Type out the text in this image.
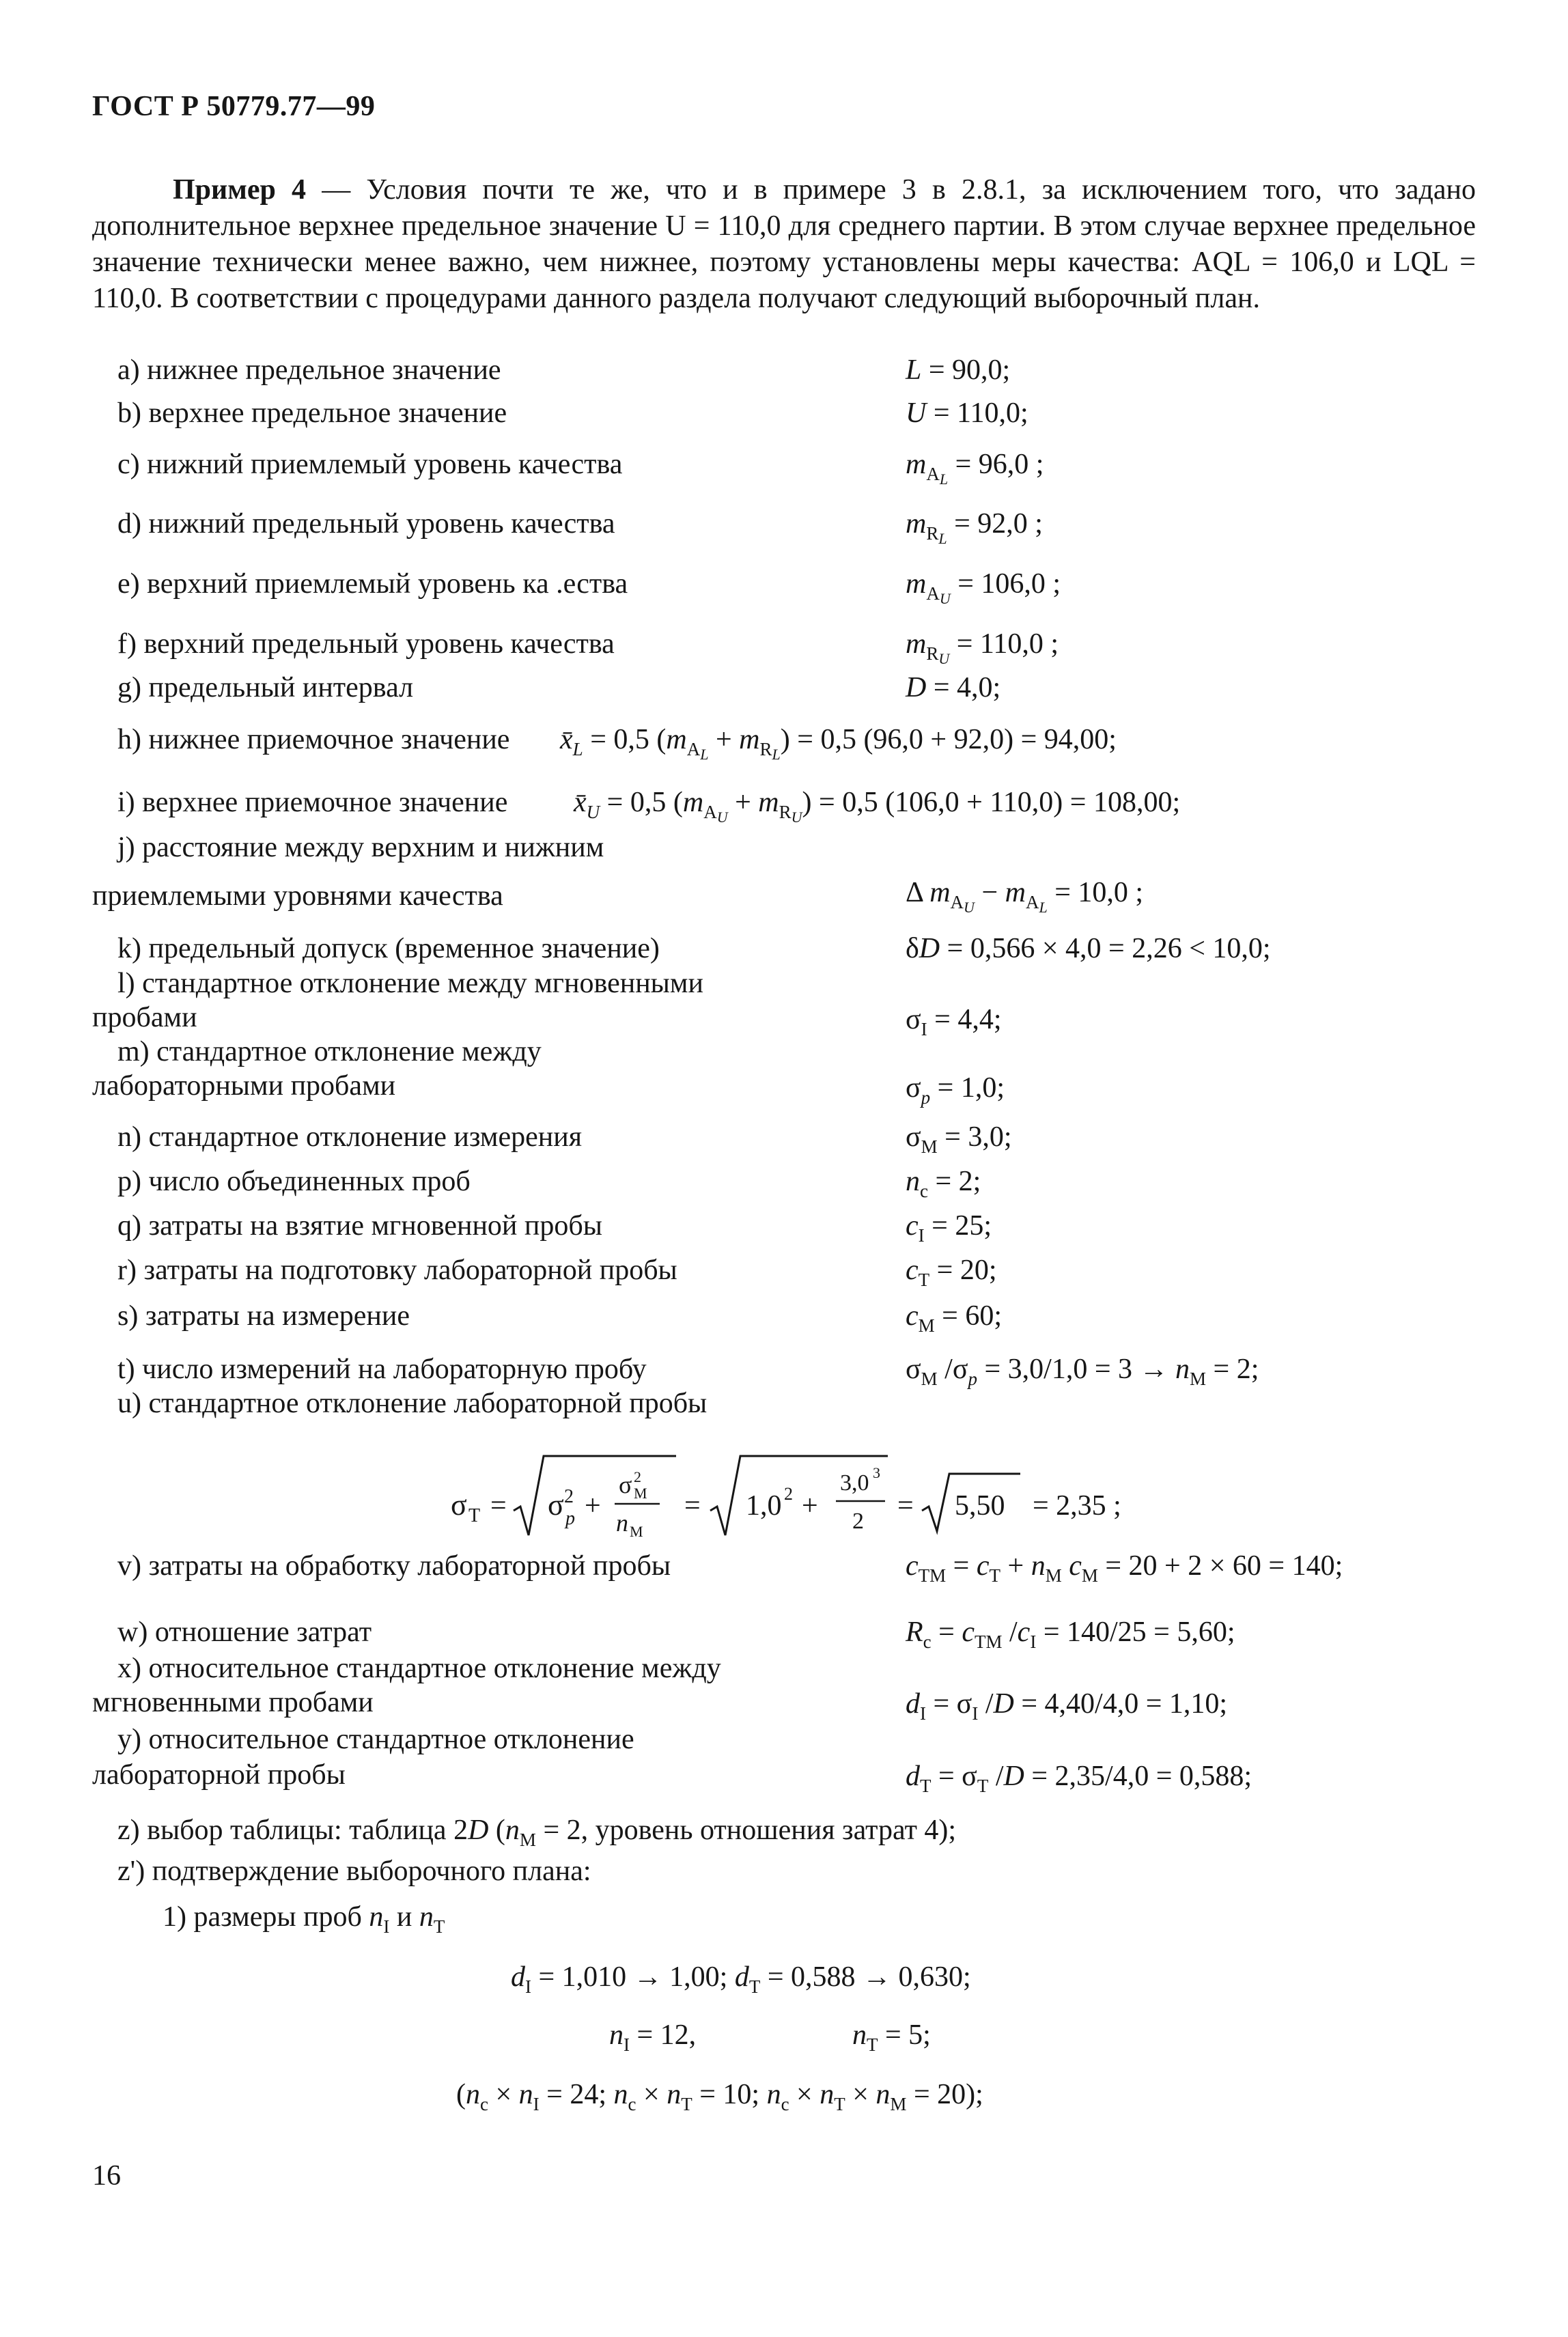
ГОСТ Р 50779.77—99
Пример 4 — Условия почти те же, что и в примере 3 в 2.8.1, за исключением того, что задано дополнительное верхнее предельное значение U = 110,0 для среднего партии. В этом случае верхнее предельное значение технически менее важно, чем нижнее, поэтому установлены меры качества: AQL = 106,0 и LQL = 110,0. В соответствии с процедурами данного раздела получают следующий выборочный план.
a) нижнее предельное значение	L = 90,0;
b) верхнее предельное значение	U = 110,0;
c) нижний приемлемый уровень качества	$m_{A_L} = 96,0$ ;
d) нижний предельный уровень качества	$m_{R_L} = 92,0$ ;
e) верхний приемлемый уровень ка .ества	$m_{A_U} = 106,0$ ;
f) верхний предельный уровень качества	$m_{R_U} = 110,0$ ;
g) предельный интервал	D = 4,0;
h) нижнее приемочное значение $x̄_L = 0,5$ $(m_{A_L} + m_{R_L}) = 0,5$ (96,0 + 92,0) = 94,00;
i) верхнее приемочное значение $x̄_U = 0,5$ $(m_{A_U} + m_{R_U}) = 0,5$ (106,0 + 110,0) = 108,00;
j) расстояние между верхним и нижним
приемлемыми уровнями качества	Δ $m_{A_U} - m_{A_L} = 10,0$ ;
k) предельный допуск (временное значение)	δD = 0,566 × 4,0 = 2,26 < 10,0;
l) стандартное отклонение между мгновенными
пробами	$\sigma_I = 4,4$;
m) стандартное отклонение между
лабораторными пробами	$\sigma_p = 1,0$;
n) стандартное отклонение измерения	$\sigma_M = 3,0$;
p) число объединенных проб	$n_c = 2$;
q) затраты на взятие мгновенной пробы	$c_I = 25$;
r) затраты на подготовку лабораторной пробы	$c_T = 20$;
s) затраты на измерение	$c_M = 60$;
t) число измерений на лабораторную пробу	$\sigma_M$ $/\sigma_p = 3,0/1,0 = 3 \to n_M = 2$;
u) стандартное отклонение лабораторной пробы
σ T = σ 2
p +
σ 2
M
n M
= 1,0 2 +
3,0 3
2 = 5,50 = 2,35 ;
v) затраты на обработку лабораторной пробы	$c_{TM} = c_T + n_M$ $c_M = 20 + 2 \times 60 = 140$;
w) отношение затрат	$R_c = c_{TM}$ $/c_I = 140/25 = 5,60$;
x) относительное стандартное отклонение между
мгновенными пробами	$d_I = \sigma_I$ /D = 4,40/4,0 = 1,10;
y) относительное стандартное отклонение
лабораторной пробы	$d_T = \sigma_T$ /D = 2,35/4,0 = 0,588;
z) выбор таблицы: таблица 2D ($n_M = 2$, уровень отношения затрат 4);
z') подтверждение выборочного плана:
1) размеры проб $n_I$ и $n_T$
$d_I = 1,010 \to 1,00$; $d_T = 0,588 \to 0,630$;
$n_I = 12$,	$n_T = 5$;
($n_c \times n_I = 24$; $n_c \times n_T = 10$; $n_c \times n_T \times n_M = 20$);
16
